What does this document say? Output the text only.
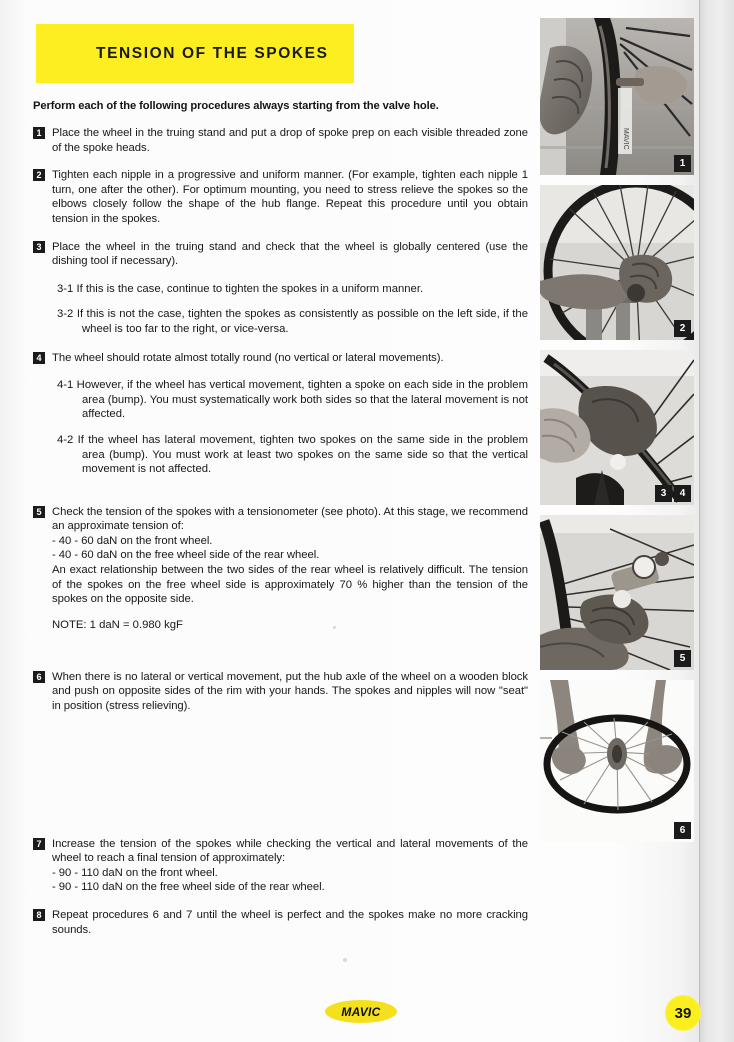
TENSION OF THE SPOKES
Perform each of the following procedures always starting from the valve hole.
1 Place the wheel in the truing stand and put a drop of spoke prep on each visible threaded zone of the spoke heads.
2 Tighten each nipple in a progressive and uniform manner. (For example, tighten each nipple 1 turn, one after the other). For optimum mounting, you need to stress relieve the spokes so the elbows closely follow the shape of the hub flange. Repeat this procedure until you obtain tension in the spokes.
3 Place the wheel in the truing stand and check that the wheel is globally centered (use the dishing tool if necessary).
3-1 If this is the case, continue to tighten the spokes in a uniform manner.
3-2 If this is not the case, tighten the spokes as consistently as possible on the left side, if the wheel is too far to the right, or vice-versa.
4 The wheel should rotate almost totally round (no vertical or lateral movements).
4-1 However, if the wheel has vertical movement, tighten a spoke on each side in the problem area (bump). You must systematically work both sides so that the lateral movement is not affected.
4-2 If the wheel has lateral movement, tighten two spokes on the same side in the problem area (bump). You must work at least two spokes on the same side so that the vertical movement is not affected.
5 Check the tension of the spokes with a tensionometer (see photo). At this stage, we recommend an approximate tension of:
- 40 - 60 daN on the front wheel.
- 40 - 60 daN on the free wheel side of the rear wheel.
An exact relationship between the two sides of the rear wheel is relatively difficult. The tension of the spokes on the free wheel side is approximately 70 % higher than the tension of the spokes on the opposite side.
NOTE: 1 daN = 0.980 kgF
6 When there is no lateral or vertical movement, put the hub axle of the wheel on a wooden block and push on opposite sides of the rim with your hands. The spokes and nipples will now "seat" in position (stress relieving).
7 Increase the tension of the spokes while checking the vertical and lateral movements of the wheel to reach a final tension of approximately:
- 90 - 110 daN on the front wheel.
- 90 - 110 daN on the free wheel side of the rear wheel.
8 Repeat procedures 6 and 7 until the wheel is perfect and the spokes make no more cracking sounds.
MAVIC
1
2
3	4
5
6
MAVIC	39
